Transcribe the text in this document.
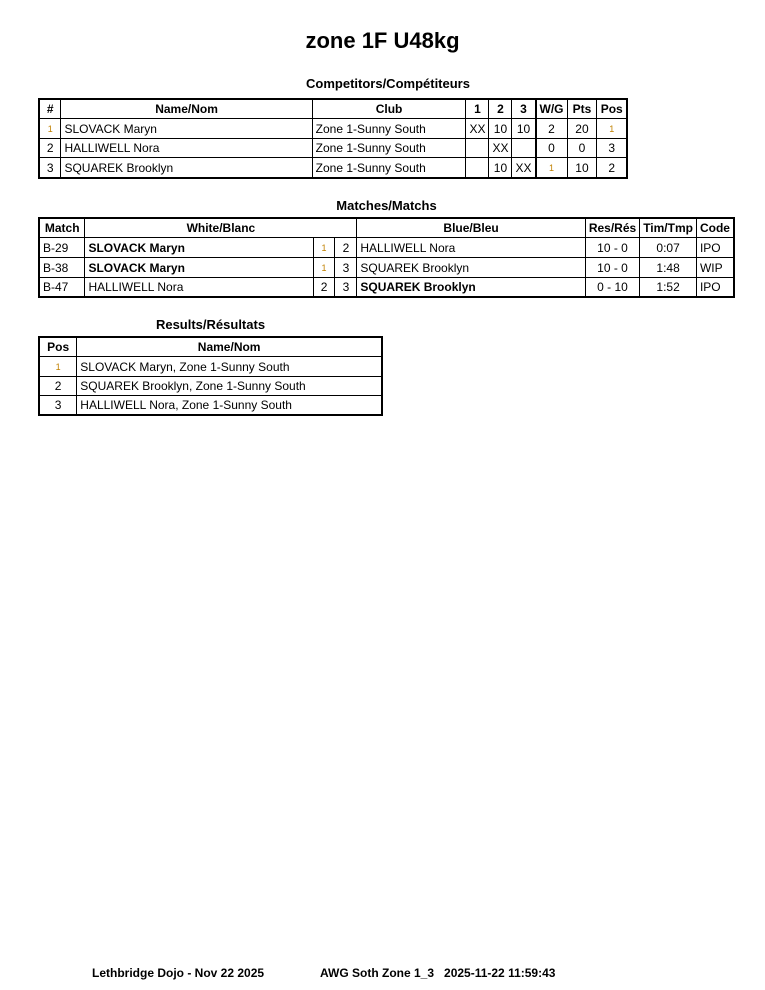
zone 1F U48kg
Competitors/Compétiteurs
#	Name/Nom	Club	1	2	3	W/G	Pts	Pos
1	SLOVACK Maryn	Zone 1-Sunny South	XX	10	10	2	20	1
2	HALLIWELL Nora	Zone 1-Sunny South		XX		0	0	3
3	SQUAREK Brooklyn	Zone 1-Sunny South		10	XX	1	10	2
Matches/Matchs
Match	White/Blanc			Blue/Bleu	Res/Rés	Tim/Tmp	Code
B-29	SLOVACK Maryn	1	2	HALLIWELL Nora	10 - 0	0:07	IPO
B-38	SLOVACK Maryn	1	3	SQUAREK Brooklyn	10 - 0	1:48	WIP
B-47	HALLIWELL Nora	2	3	SQUAREK Brooklyn	0 - 10	1:52	IPO
Results/Résultats
Pos	Name/Nom
1	SLOVACK Maryn, Zone 1-Sunny South
2	SQUAREK Brooklyn, Zone 1-Sunny South
3	HALLIWELL Nora, Zone 1-Sunny South
Lethbridge Dojo - Nov 22 2025	AWG Soth Zone 1_3   2025-11-22 11:59:43
